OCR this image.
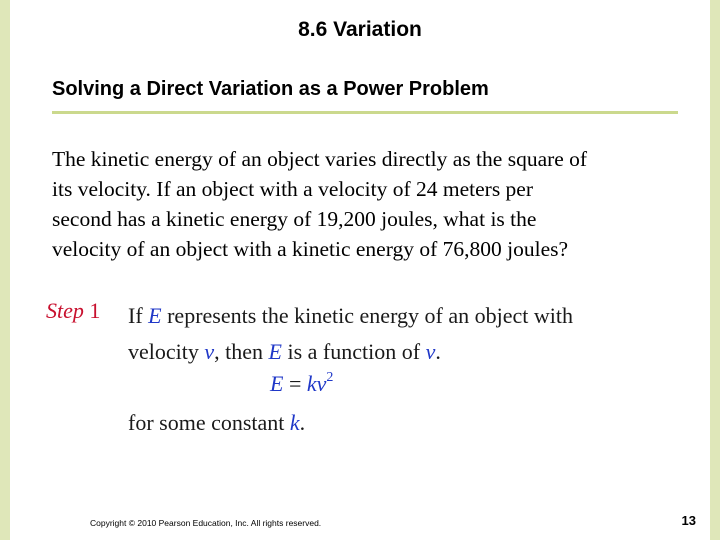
8.6 Variation
Solving a Direct Variation as a Power Problem
The kinetic energy of an object varies directly as the square of
its velocity. If an object with a velocity of 24 meters per
second has a kinetic energy of 19,200 joules, what is the
velocity of an object with a kinetic energy of 76,800 joules?
Step 1 If E represents the kinetic energy of an object with
velocity v, then E is a function of v.
$E = kv^2$
for some constant k.
Copyright © 2010 Pearson Education, Inc. All rights reserved.	13
